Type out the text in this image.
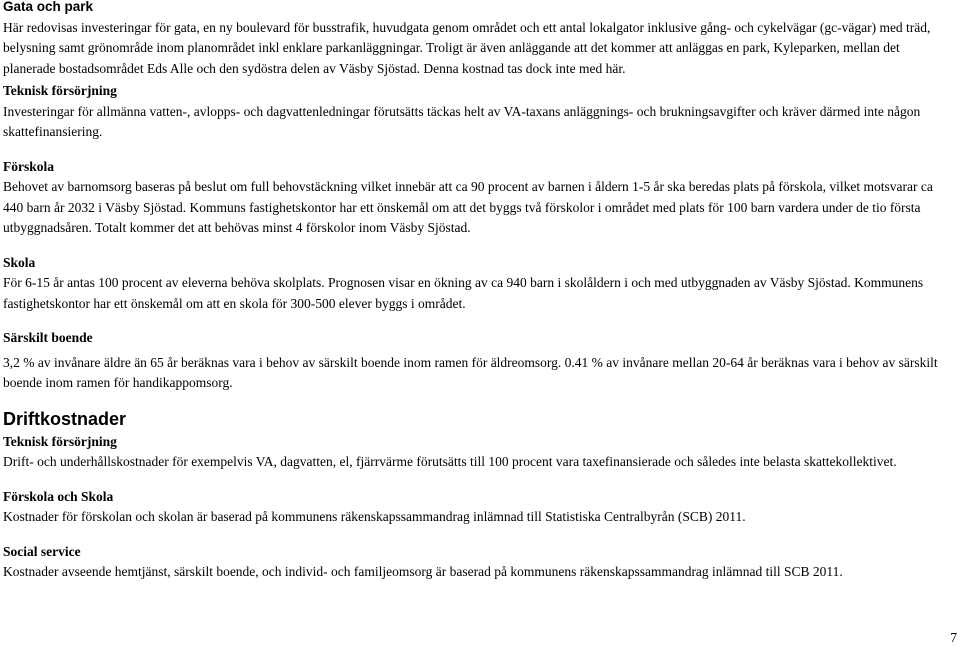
Gata och park

Här redovisas investeringar för gata, en ny boulevard för busstrafik, huvudgata genom området och ett antal lokalgator inklusive gång- och cykelvägar (gc-vägar) med träd, belysning samt grönområde inom planområdet inkl enklare parkanläggningar. Troligt är även anläggande att det kommer att anläggas en park, Kyleparken, mellan det planerade bostadsområdet Eds Alle och den sydöstra delen av Väsby Sjöstad. Denna kostnad tas dock inte med här.

Teknisk försörjning

Investeringar för allmänna vatten-, avlopps- och dagvattenledningar förutsätts täckas helt av VA-taxans anläggnings- och brukningsavgifter och kräver därmed inte någon skattefinansiering.

Förskola

Behovet av barnomsorg baseras på beslut om full behovstäckning vilket innebär att ca 90 procent av barnen i åldern 1-5 år ska beredas plats på förskola, vilket motsvarar ca 440 barn år 2032 i Väsby Sjöstad. Kommuns fastighetskontor har ett önskemål om att det byggs två förskolor i området med plats för 100 barn vardera under de tio första utbyggnadsåren. Totalt kommer det att behövas minst 4 förskolor inom Väsby Sjöstad.

Skola

För 6-15 år antas 100 procent av eleverna behöva skolplats. Prognosen visar en ökning av ca 940 barn i skolåldern i och med utbyggnaden av Väsby Sjöstad. Kommunens fastighetskontor har ett önskemål om att en skola för 300-500 elever byggs i området.

Särskilt boende

3,2 % av invånare äldre än 65 år beräknas vara i behov av särskilt boende inom ramen för äldreomsorg. 0.41 % av invånare mellan 20-64 år beräknas vara i behov av särskilt boende inom ramen för handikappomsorg.

Driftkostnader

Teknisk försörjning

Drift- och underhållskostnader för exempelvis VA, dagvatten, el, fjärrvärme förutsätts till 100 procent vara taxefinansierade och således inte belasta skattekollektivet.

Förskola och Skola

Kostnader för förskolan och skolan är baserad på kommunens räkenskapssammandrag inlämnad till Statistiska Centralbyrån (SCB) 2011.

Social service

Kostnader avseende hemtjänst, särskilt boende, och individ- och familjeomsorg är baserad på kommunens räkenskapssammandrag inlämnad till SCB 2011.

7
